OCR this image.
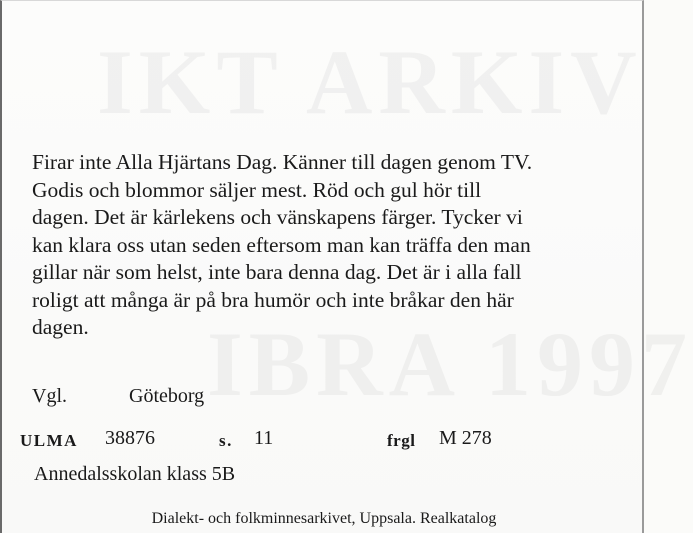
IKT ARKIV
IBRA 1997
Firar inte Alla Hjärtans Dag. Känner till dagen genom TV.
Godis och blommor säljer mest. Röd och gul hör till
dagen. Det är kärlekens och vänskapens färger. Tycker vi
kan klara oss utan seden eftersom man kan träffa den man
gillar när som helst, inte bara denna dag. Det är i alla fall
roligt att många är på bra humör och inte bråkar den här
dagen.
Vgl.	Göteborg
ULMA 38876	s. 11	frgl M 278
Annedalsskolan klass 5B
Dialekt- och folkminnesarkivet, Uppsala. Realkatalog
